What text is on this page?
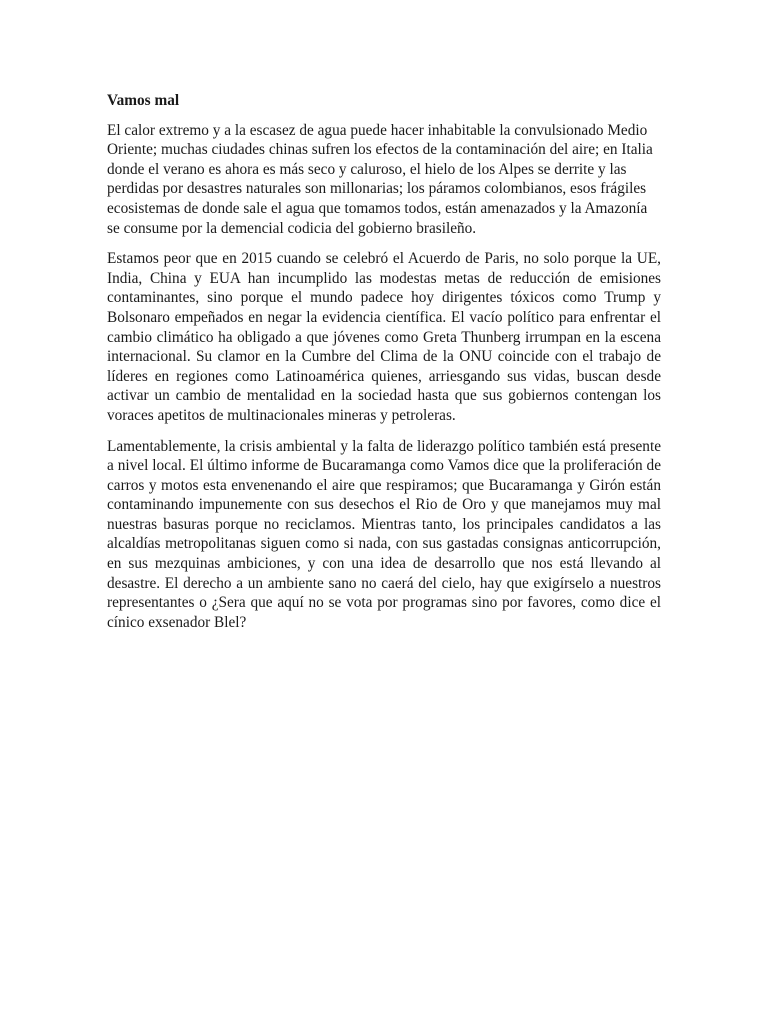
Vamos mal

El calor extremo y a la escasez de agua puede hacer inhabitable la convulsionado Medio Oriente; muchas ciudades chinas sufren los efectos de la contaminación del aire; en Italia donde el verano es ahora es más seco y caluroso, el hielo de los Alpes se derrite y las perdidas por desastres naturales son millonarias; los páramos colombianos, esos frágiles ecosistemas de donde sale el agua que tomamos todos, están amenazados y la Amazonía se consume por la demencial codicia del gobierno brasileño.

Estamos peor que en 2015 cuando se celebró el Acuerdo de Paris, no solo porque la UE, India, China y EUA han incumplido las modestas metas de reducción de emisiones contaminantes, sino porque el mundo padece hoy dirigentes tóxicos como Trump y Bolsonaro empeñados en negar la evidencia científica. El vacío político para enfrentar el cambio climático ha obligado a que jóvenes como Greta Thunberg irrumpan en la escena internacional. Su clamor en la Cumbre del Clima de la ONU coincide con el trabajo de líderes en regiones como Latinoamérica quienes, arriesgando sus vidas, buscan desde activar un cambio de mentalidad en la sociedad hasta que sus gobiernos contengan los voraces apetitos de multinacionales mineras y petroleras.

Lamentablemente, la crisis ambiental y la falta de liderazgo político también está presente a nivel local. El último informe de Bucaramanga como Vamos dice que la proliferación de carros y motos esta envenenando el aire que respiramos; que Bucaramanga y Girón están contaminando impunemente con sus desechos el Rio de Oro y que manejamos muy mal nuestras basuras porque no reciclamos. Mientras tanto, los principales candidatos a las alcaldías metropolitanas siguen como si nada, con sus gastadas consignas anticorrupción, en sus mezquinas ambiciones, y con una idea de desarrollo que nos está llevando al desastre. El derecho a un ambiente sano no caerá del cielo, hay que exigírselo a nuestros representantes o ¿Sera que aquí no se vota por programas sino por favores, como dice el cínico exsenador Blel?
